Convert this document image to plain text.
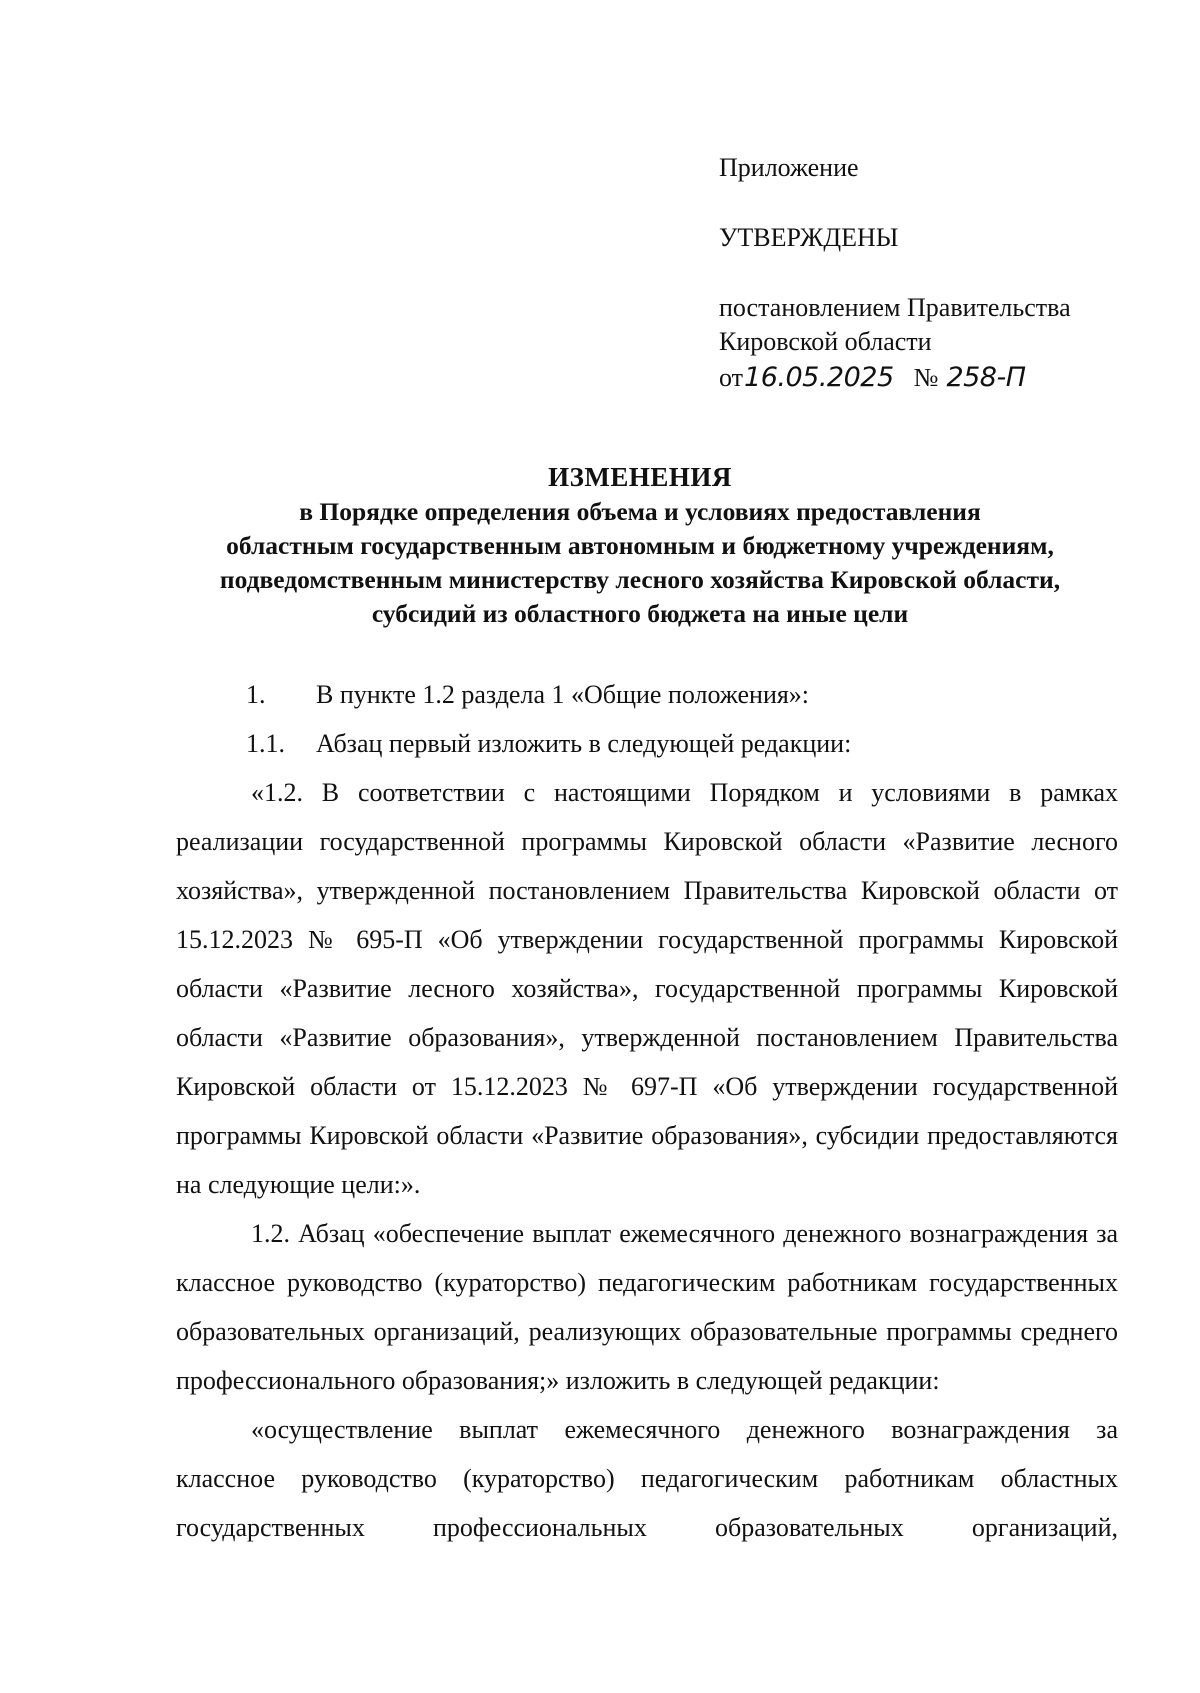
Приложение
УТВЕРЖДЕНЫ
постановлением Правительства
Кировской области
от16.05.2025 № 258-П
ИЗМЕНЕНИЯ
в Порядке определения объема и условиях предоставления
областным государственным автономным и бюджетному учреждениям,
подведомственным министерству лесного хозяйства Кировской области,
субсидий из областного бюджета на иные цели
1.	В пункте 1.2 раздела 1 «Общие положения»:
1.1.	Абзац первый изложить в следующей редакции:

«1.2. В соответствии с настоящими Порядком и условиями в рамках реализации государственной программы Кировской области «Развитие лесного хозяйства», утвержденной постановлением Правительства Кировской области от 15.12.2023 № 695-П «Об утверждении государственной программы Кировской области «Развитие лесного хозяйства», государственной программы Кировской области «Развитие образования», утвержденной постановлением Правительства Кировской области от 15.12.2023 № 697-П «Об утверждении государственной программы Кировской области «Развитие образования», субсидии предоставляются на следующие цели:».

1.2. Абзац «обеспечение выплат ежемесячного денежного вознаграждения за классное руководство (кураторство) педагогическим работникам государственных образовательных организаций, реализующих образовательные программы среднего профессионального образования;» изложить в следующей редакции:

«осуществление выплат ежемесячного денежного вознаграждения за классное руководство (кураторство) педагогическим работникам областных государственных профессиональных образовательных организаций,
